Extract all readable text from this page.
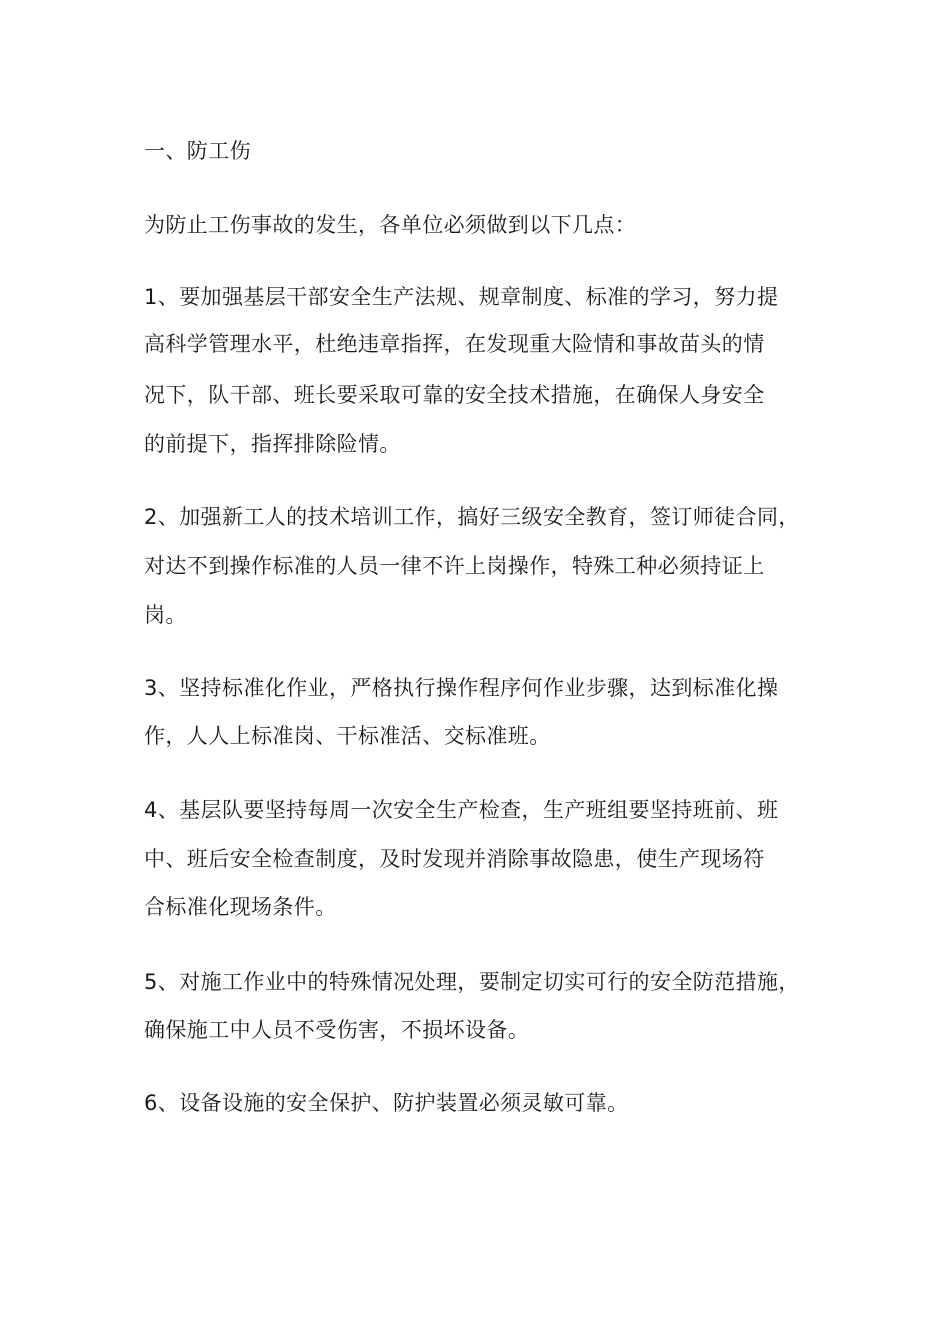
一、防工伤
为防止工伤事故的发生，各单位必须做到以下几点：
1、要加强基层干部安全生产法规、规章制度、标准的学习，努力提
高科学管理水平，杜绝违章指挥，在发现重大险情和事故苗头的情
况下，队干部、班长要采取可靠的安全技术措施，在确保人身安全
的前提下，指挥排除险情。
2、加强新工人的技术培训工作，搞好三级安全教育，签订师徒合同，
对达不到操作标准的人员一律不许上岗操作，特殊工种必须持证上
岗。
3、坚持标准化作业，严格执行操作程序何作业步骤，达到标准化操
作，人人上标准岗、干标准活、交标准班。
4、基层队要坚持每周一次安全生产检查，生产班组要坚持班前、班
中、班后安全检查制度，及时发现并消除事故隐患，使生产现场符
合标准化现场条件。
5、对施工作业中的特殊情况处理，要制定切实可行的安全防范措施，
确保施工中人员不受伤害，不损坏设备。
6、设备设施的安全保护、防护装置必须灵敏可靠。
